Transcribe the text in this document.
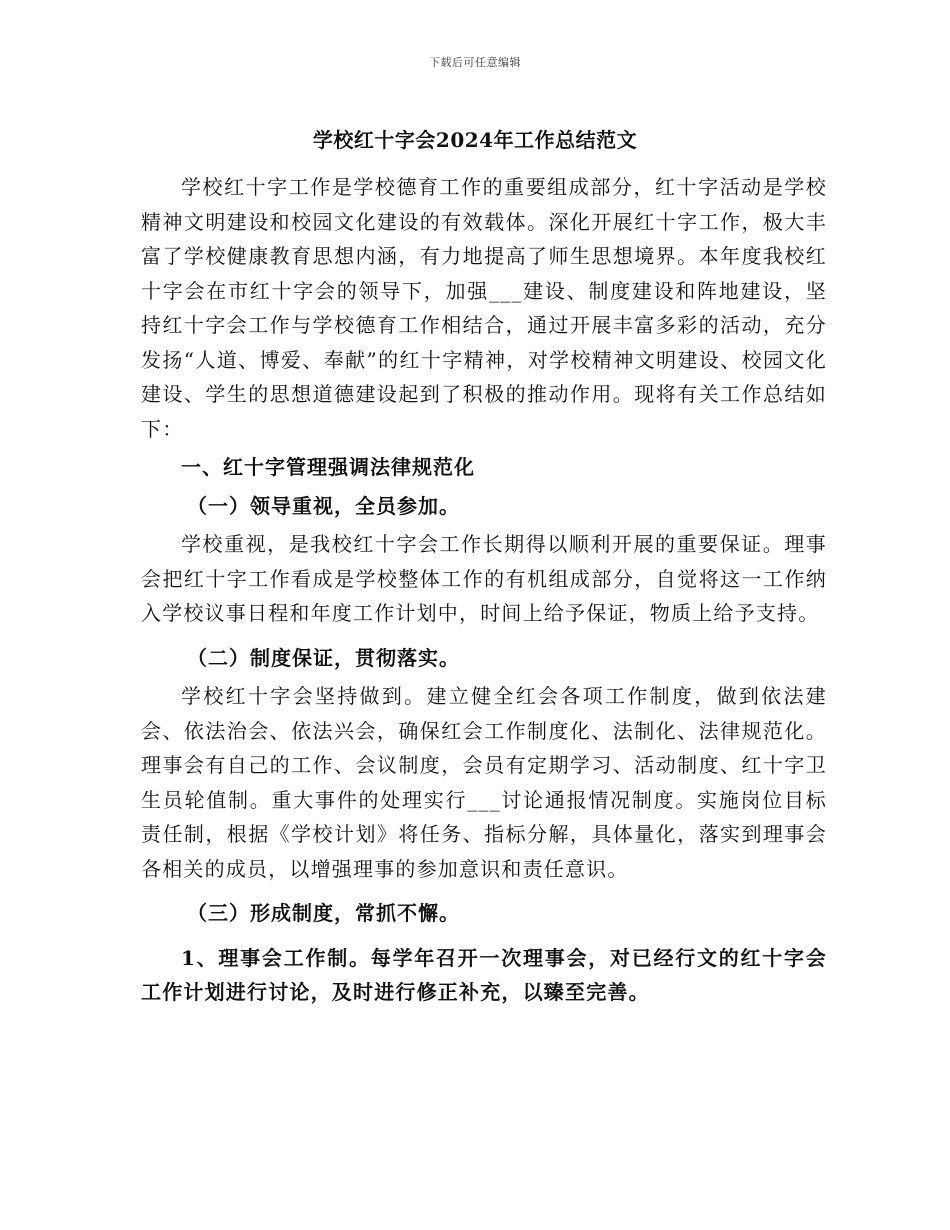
下载后可任意编辑
学校红十字会2024年工作总结范文

学校红十字工作是学校德育工作的重要组成部分，红十字活动是学校精神文明建设和校园文化建设的有效载体。深化开展红十字工作，极大丰富了学校健康教育思想内涵，有力地提高了师生思想境界。本年度我校红十字会在市红十字会的领导下，加强___建设、制度建设和阵地建设，坚持红十字会工作与学校德育工作相结合，通过开展丰富多彩的活动，充分发扬“人道、博爱、奉献”的红十字精神，对学校精神文明建设、校园文化建设、学生的思想道德建设起到了积极的推动作用。现将有关工作总结如下：

一、红十字管理强调法律规范化

（一）领导重视，全员参加。

学校重视，是我校红十字会工作长期得以顺利开展的重要保证。理事会把红十字工作看成是学校整体工作的有机组成部分，自觉将这一工作纳入学校议事日程和年度工作计划中，时间上给予保证，物质上给予支持。

（二）制度保证，贯彻落实。

学校红十字会坚持做到。建立健全红会各项工作制度，做到依法建会、依法治会、依法兴会，确保红会工作制度化、法制化、法律规范化。理事会有自己的工作、会议制度，会员有定期学习、活动制度、红十字卫生员轮值制。重大事件的处理实行___讨论通报情况制度。实施岗位目标责任制，根据《学校计划》将任务、指标分解，具体量化，落实到理事会各相关的成员，以增强理事的参加意识和责任意识。

（三）形成制度，常抓不懈。

1、理事会工作制。每学年召开一次理事会，对已经行文的红十字会工作计划进行讨论，及时进行修正补充，以臻至完善。
